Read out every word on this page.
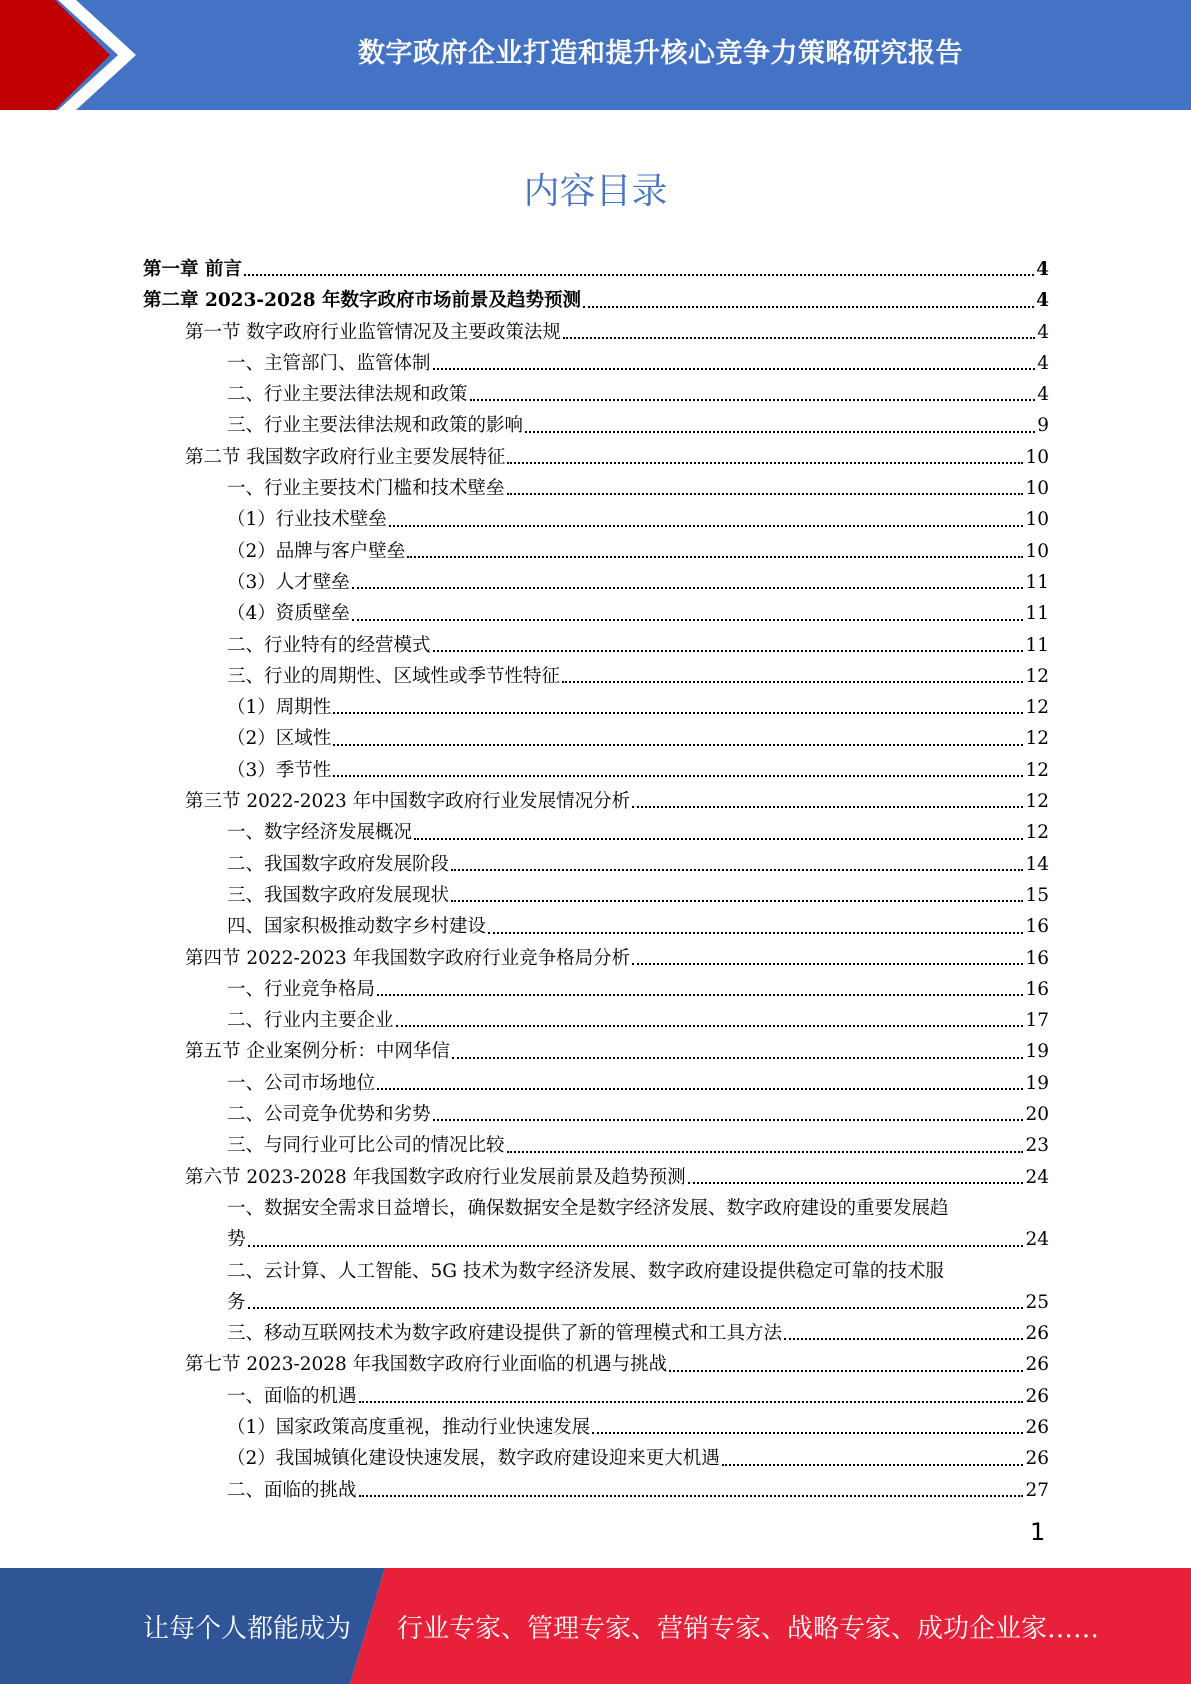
数字政府企业打造和提升核心竞争力策略研究报告
内容目录
第一章 前言	4
第二章 2023-2028 年数字政府市场前景及趋势预测	4
第一节 数字政府行业监管情况及主要政策法规	4
一、主管部门、监管体制	4
二、行业主要法律法规和政策	4
三、行业主要法律法规和政策的影响	9
第二节 我国数字政府行业主要发展特征	10
一、行业主要技术门槛和技术壁垒	10
（1）行业技术壁垒	10
（2）品牌与客户壁垒	10
（3）人才壁垒	11
（4）资质壁垒	11
二、行业特有的经营模式	11
三、行业的周期性、区域性或季节性特征	12
（1）周期性	12
（2）区域性	12
（3）季节性	12
第三节 2022-2023 年中国数字政府行业发展情况分析	12
一、数字经济发展概况	12
二、我国数字政府发展阶段	14
三、我国数字政府发展现状	15
四、国家积极推动数字乡村建设	16
第四节 2022-2023 年我国数字政府行业竞争格局分析	16
一、行业竞争格局	16
二、行业内主要企业	17
第五节 企业案例分析：中网华信	19
一、公司市场地位	19
二、公司竞争优势和劣势	20
三、与同行业可比公司的情况比较	23
第六节 2023-2028 年我国数字政府行业发展前景及趋势预测	24
一、数据安全需求日益增长，确保数据安全是数字经济发展、数字政府建设的重要发展趋
势	24
二、云计算、人工智能、5G 技术为数字经济发展、数字政府建设提供稳定可靠的技术服
务	25
三、移动互联网技术为数字政府建设提供了新的管理模式和工具方法	26
第七节 2023-2028 年我国数字政府行业面临的机遇与挑战	26
一、面临的机遇	26
（1）国家政策高度重视，推动行业快速发展	26
（2）我国城镇化建设快速发展，数字政府建设迎来更大机遇	26
二、面临的挑战	27
1
让每个人都能成为 行业专家、管理专家、营销专家、战略专家、成功企业家……
